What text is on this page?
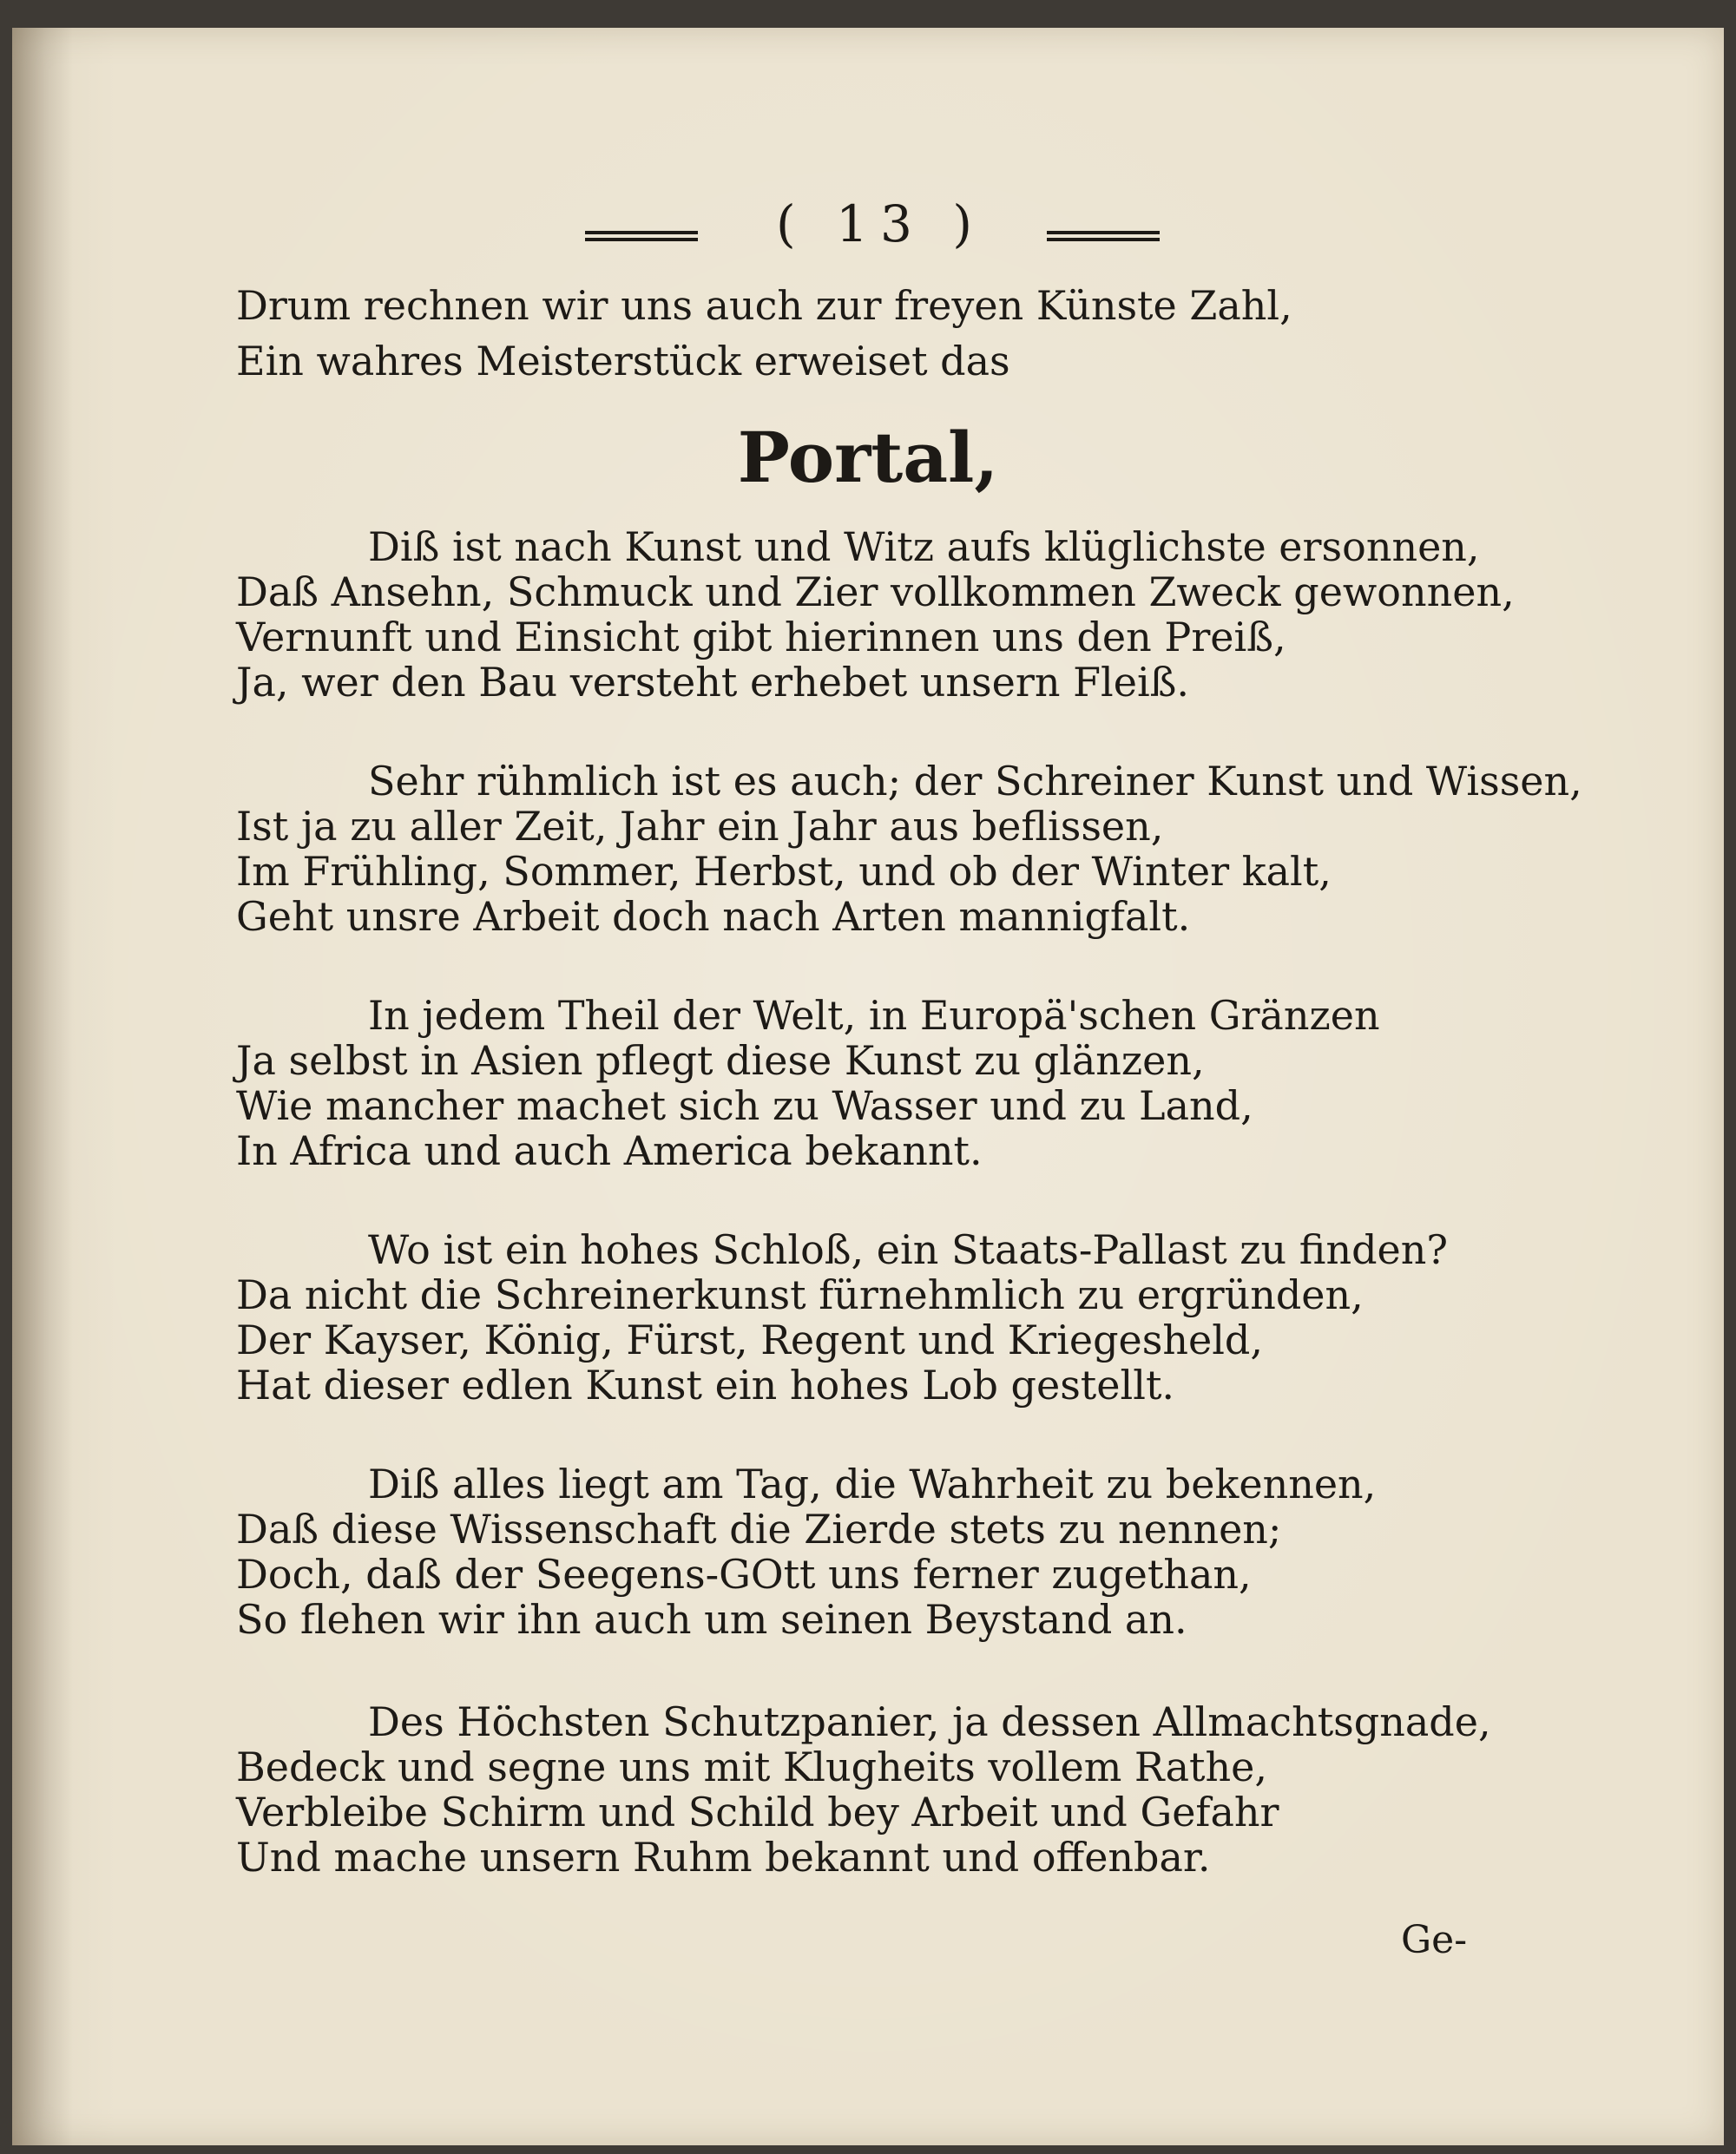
( 13 )
Drum rechnen wir uns auch zur freyen Künste Zahl,
Ein wahres Meisterstück erweiset das
Portal,
Diß ist nach Kunst und Witz aufs klüglichste ersonnen,
Daß Ansehn, Schmuck und Zier vollkommen Zweck gewonnen,
Vernunft und Einsicht gibt hierinnen uns den Preiß,
Ja, wer den Bau versteht erhebet unsern Fleiß.
Sehr rühmlich ist es auch; der Schreiner Kunst und Wissen,
Ist ja zu aller Zeit, Jahr ein Jahr aus beflissen,
Im Frühling, Sommer, Herbst, und ob der Winter kalt,
Geht unsre Arbeit doch nach Arten mannigfalt.
In jedem Theil der Welt, in Europä'schen Gränzen
Ja selbst in Asien pflegt diese Kunst zu glänzen,
Wie mancher machet sich zu Wasser und zu Land,
In Africa und auch America bekannt.
Wo ist ein hohes Schloß, ein Staats-Pallast zu finden?
Da nicht die Schreinerkunst fürnehmlich zu ergründen,
Der Kayser, König, Fürst, Regent und Kriegesheld,
Hat dieser edlen Kunst ein hohes Lob gestellt.
Diß alles liegt am Tag, die Wahrheit zu bekennen,
Daß diese Wissenschaft die Zierde stets zu nennen;
Doch, daß der Seegens-GOtt uns ferner zugethan,
So flehen wir ihn auch um seinen Beystand an.
Des Höchsten Schutzpanier, ja dessen Allmachtsgnade,
Bedeck und segne uns mit Klugheits vollem Rathe,
Verbleibe Schirm und Schild bey Arbeit und Gefahr
Und mache unsern Ruhm bekannt und offenbar.
Ge-
